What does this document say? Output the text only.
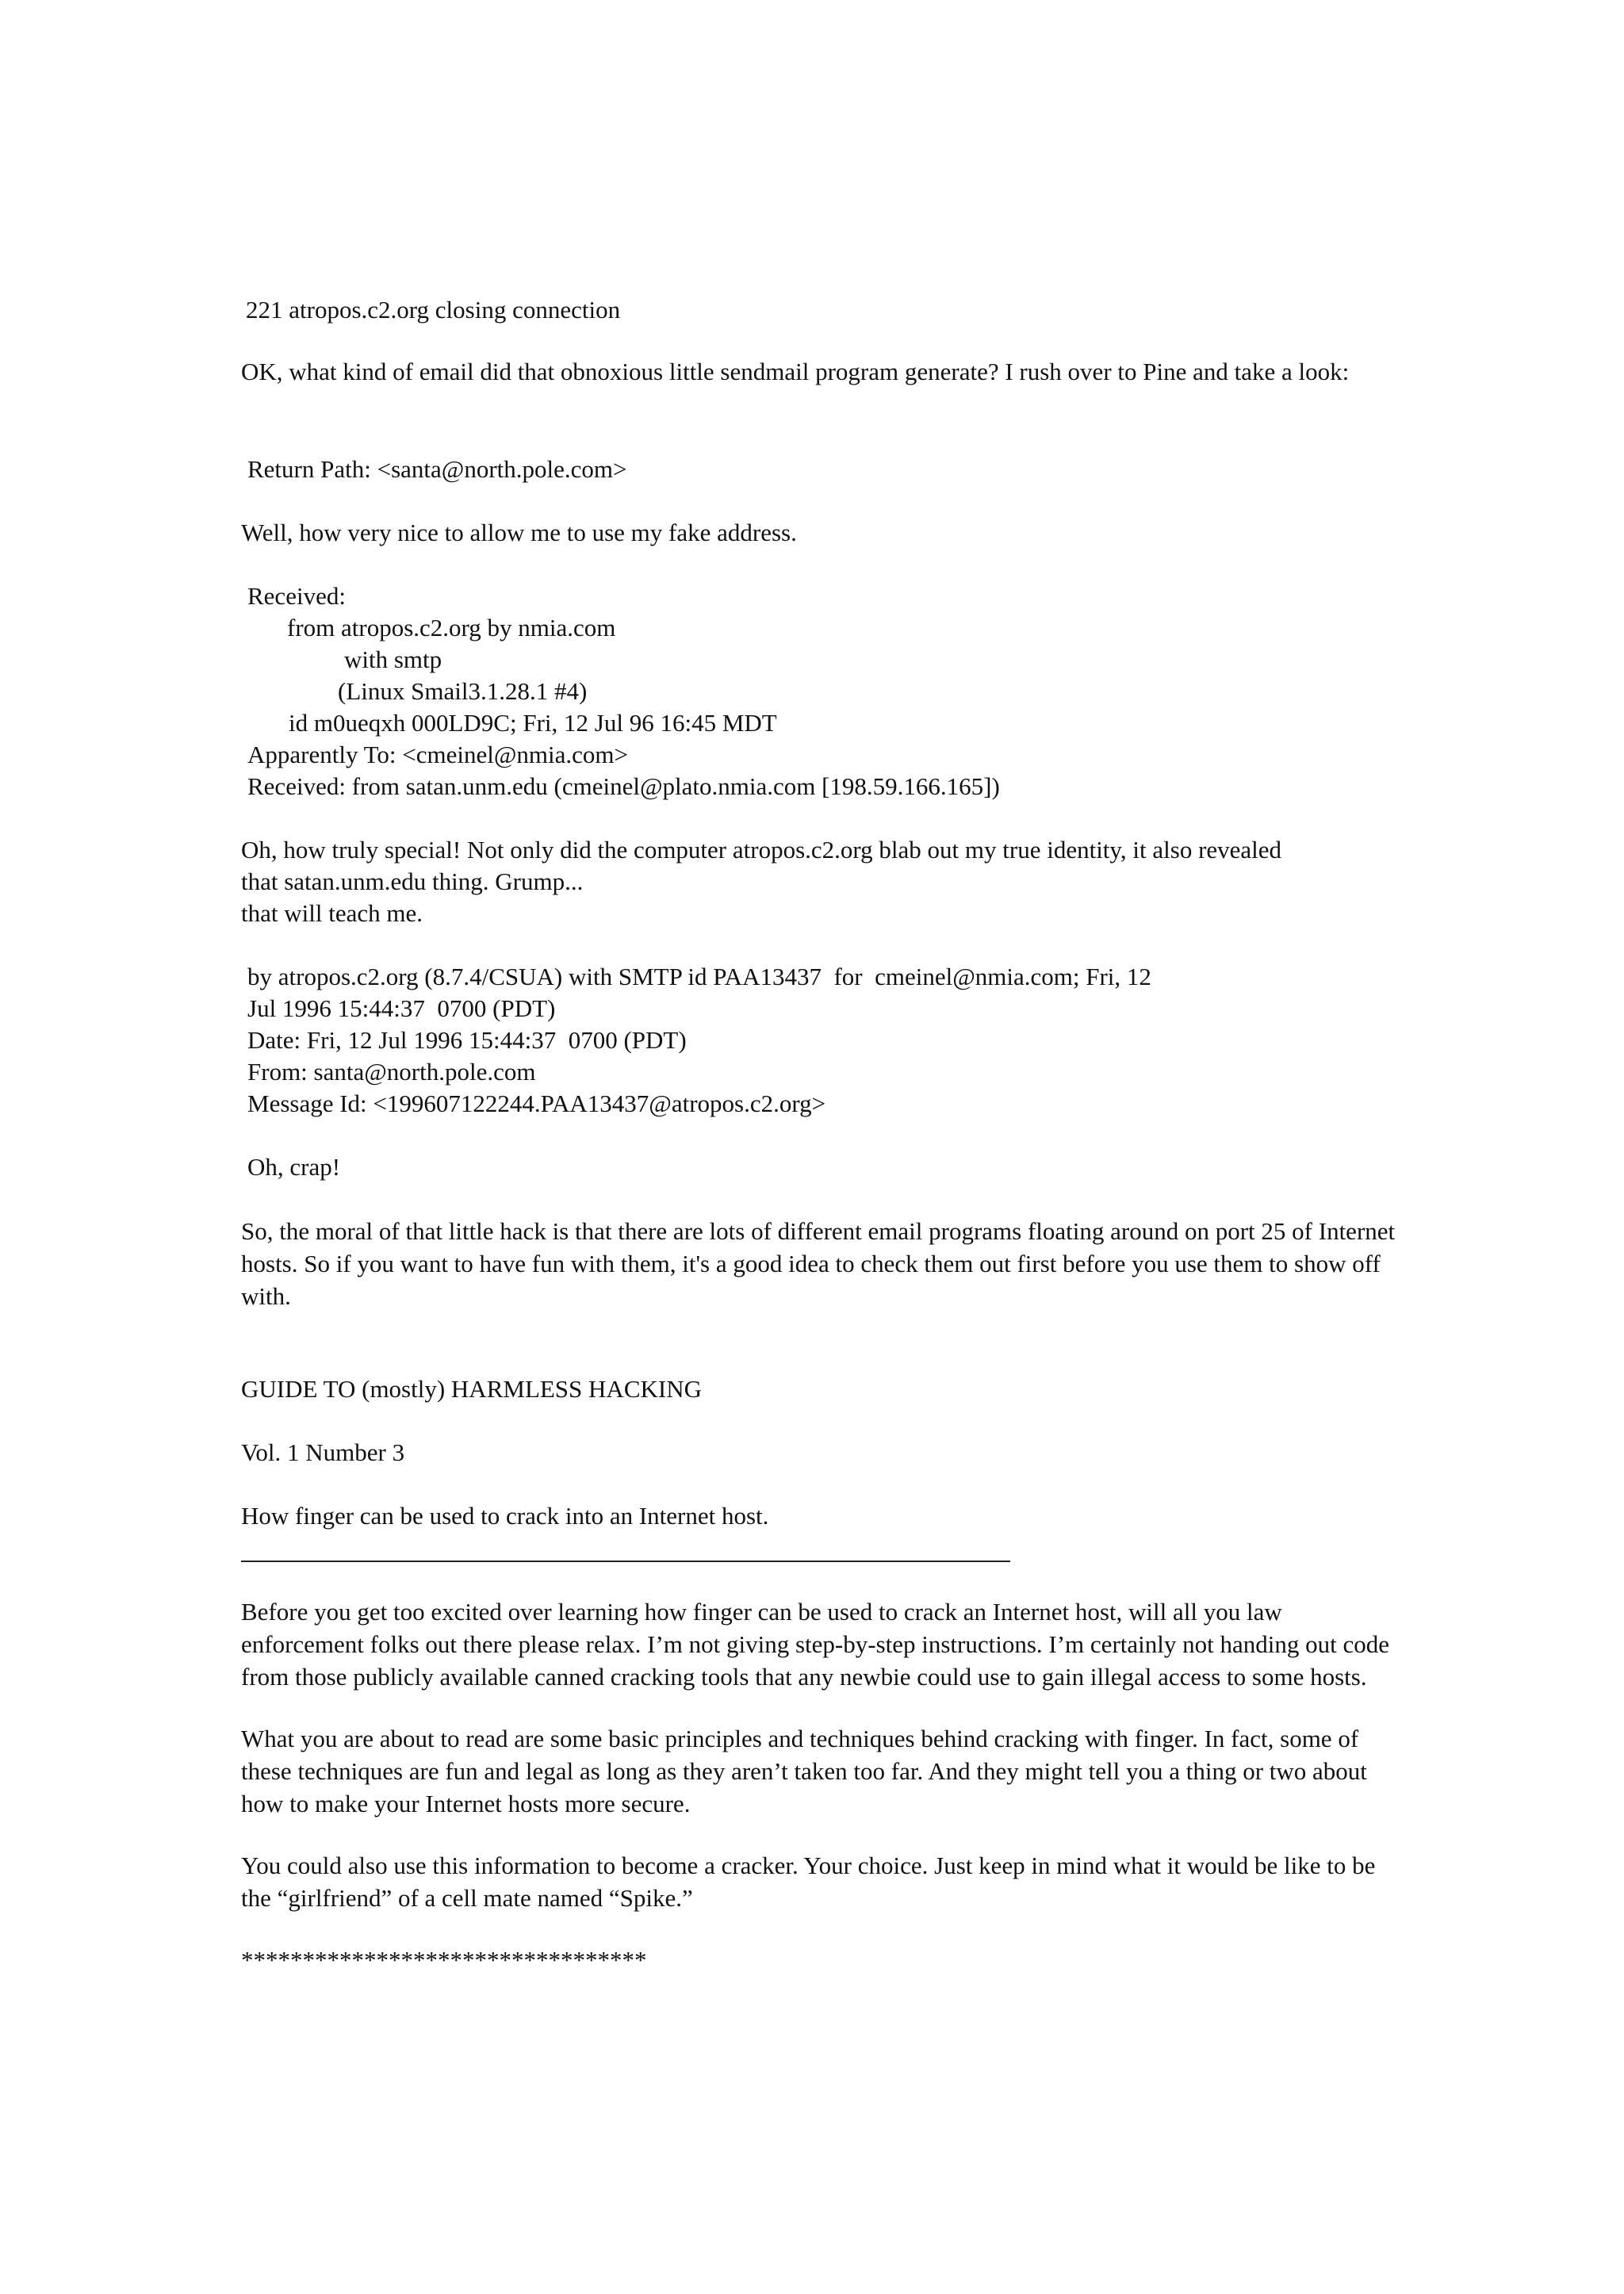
221 atropos.c2.org closing connection
OK, what kind of email did that obnoxious little sendmail program generate? I rush over to Pine and take a look:
Return Path: <santa@north.pole.com>
Well, how very nice to allow me to use my fake address.
Received:
from atropos.c2.org by nmia.com
with smtp
(Linux Smail3.1.28.1 #4)
id m0ueqxh 000LD9C; Fri, 12 Jul 96 16:45 MDT
Apparently To: <cmeinel@nmia.com>
Received: from satan.unm.edu (cmeinel@plato.nmia.com [198.59.166.165])
Oh, how truly special! Not only did the computer atropos.c2.org blab out my true identity, it also revealed
that satan.unm.edu thing. Grump...
that will teach me.
by atropos.c2.org (8.7.4/CSUA) with SMTP id PAA13437  for  cmeinel@nmia.com; Fri, 12
Jul 1996 15:44:37  0700 (PDT)
Date: Fri, 12 Jul 1996 15:44:37  0700 (PDT)
From: santa@north.pole.com
Message Id: <199607122244.PAA13437@atropos.c2.org>
Oh, crap!
So, the moral of that little hack is that there are lots of different email programs floating around on port 25 of Internet hosts. So if you want to have fun with them, it's a good idea to check them out first before you use them to show off with.
GUIDE TO (mostly) HARMLESS HACKING
Vol. 1 Number 3
How finger can be used to crack into an Internet host.
Before you get too excited over learning how finger can be used to crack an Internet host, will all you law enforcement folks out there please relax. I’m not giving step-by-step instructions. I’m certainly not handing out code from those publicly available canned cracking tools that any newbie could use to gain illegal access to some hosts.
What you are about to read are some basic principles and techniques behind cracking with finger. In fact, some of these techniques are fun and legal as long as they aren’t taken too far. And they might tell you a thing or two about how to make your Internet hosts more secure.
You could also use this information to become a cracker. Your choice. Just keep in mind what it would be like to be the “girlfriend” of a cell mate named “Spike.”
*********************************
